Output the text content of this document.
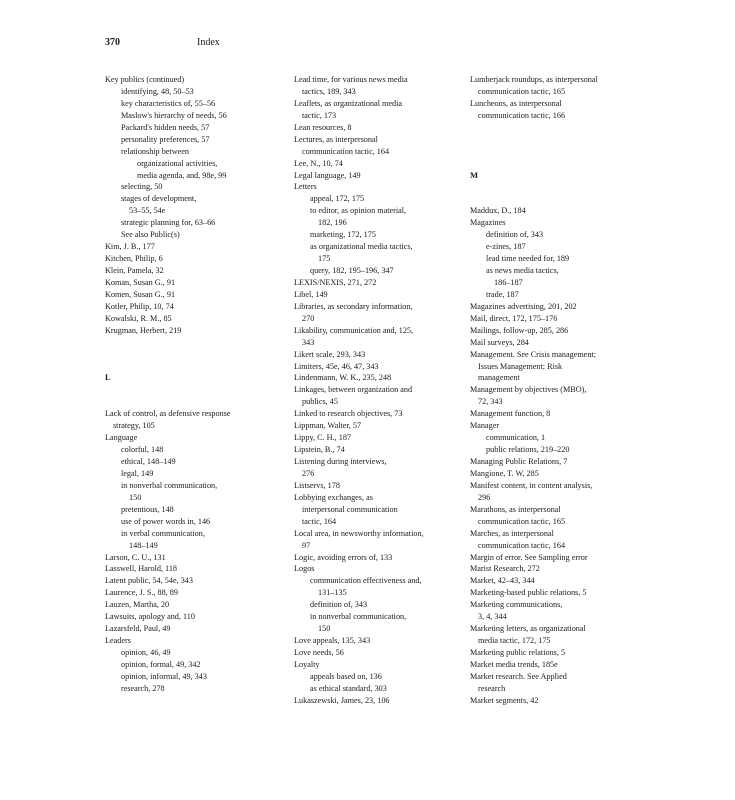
370	Index
Key publics (continued)
identifying, 48, 50–53
key characteristics of, 55–56
Maslow's hierarchy of needs, 56
Packard's hidden needs, 57
personality preferences, 57
relationship between
organizational activities,
media agenda, and, 98e, 99
selecting, 50
stages of development,
53–55, 54e
strategic planning for, 63–66
See also Public(s)
Kim, J. B., 177
Kitchen, Philip, 6
Klein, Pamela, 32
Koman, Susan G., 91
Komen, Susan G., 91
Kotler, Philip, 10, 74
Kowalski, R. M., 85
Krugman, Herbert, 219
L
Lack of control, as defensive response
strategy, 105
Language
colorful, 148
ethical, 148–149
legal, 149
in nonverbal communication,
150
pretentious, 148
use of power words in, 146
in verbal communication,
148–149
Larson, C. U., 131
Lasswell, Harold, 118
Latent public, 54, 54e, 343
Laurence, J. S., 88, 89
Lauzen, Martha, 20
Lawsuits, apology and, 110
Lazarsfeld, Paul, 49
Leaders
opinion, 46, 49
opinion, formal, 49, 342
opinion, informal, 49, 343
research, 278
Lead time, for various news media
tactics, 189, 343
Leaflets, as organizational media
tactic, 173
Lean resources, 8
Lectures, as interpersonal
communication tactic, 164
Lee, N., 10, 74
Legal language, 149
Letters
appeal, 172, 175
to editor, as opinion material,
182, 196
marketing, 172, 175
as organizational media tactics,
175
query, 182, 195–196, 347
LEXIS/NEXIS, 271, 272
Libel, 149
Libraries, as secondary information,
270
Likability, communication and, 125,
343
Likert scale, 293, 343
Limiters, 45e, 46, 47, 343
Lindenmann, W. K., 235, 248
Linkages, between organization and
publics, 45
Linked to research objectives, 73
Lippman, Walter, 57
Lippy, C. H., 187
Lipstein, B., 74
Listening during interviews,
276
Listservs, 178
Lobbying exchanges, as
interpersonal communication
tactic, 164
Local area, in newsworthy information,
97
Logic, avoiding errors of, 133
Logos
communication effectiveness and,
131–135
definition of, 343
in nonverbal communication,
150
Love appeals, 135, 343
Love needs, 56
Loyalty
appeals based on, 136
as ethical standard, 303
Lukaszewski, James, 23, 106
Lumberjack roundups, as interpersonal
communication tactic, 165
Luncheons, as interpersonal
communication tactic, 166
M
Maddux, D., 184
Magazines
definition of, 343
e-zines, 187
lead time needed for, 189
as news media tactics,
186–187
trade, 187
Magazines advertising, 201, 202
Mail, direct, 172, 175–176
Mailings, follow-up, 285, 286
Mail surveys, 284
Management. See Crisis management;
Issues Management; Risk
management
Management by objectives (MBO),
72, 343
Management function, 8
Manager
communication, 1
public relations, 219–220
Managing Public Relations, 7
Mangione, T. W, 285
Manifest content, in content analysis,
296
Marathons, as interpersonal
communication tactic, 165
Marches, as interpersonal
communication tactic, 164
Margin of error. See Sampling error
Marist Research, 272
Market, 42–43, 344
Marketing-based public relations, 5
Marketing communications,
3, 4, 344
Marketing letters, as organizational
media tactic, 172, 175
Marketing public relations, 5
Market media trends, 185e
Market research. See Applied
research
Market segments, 42
